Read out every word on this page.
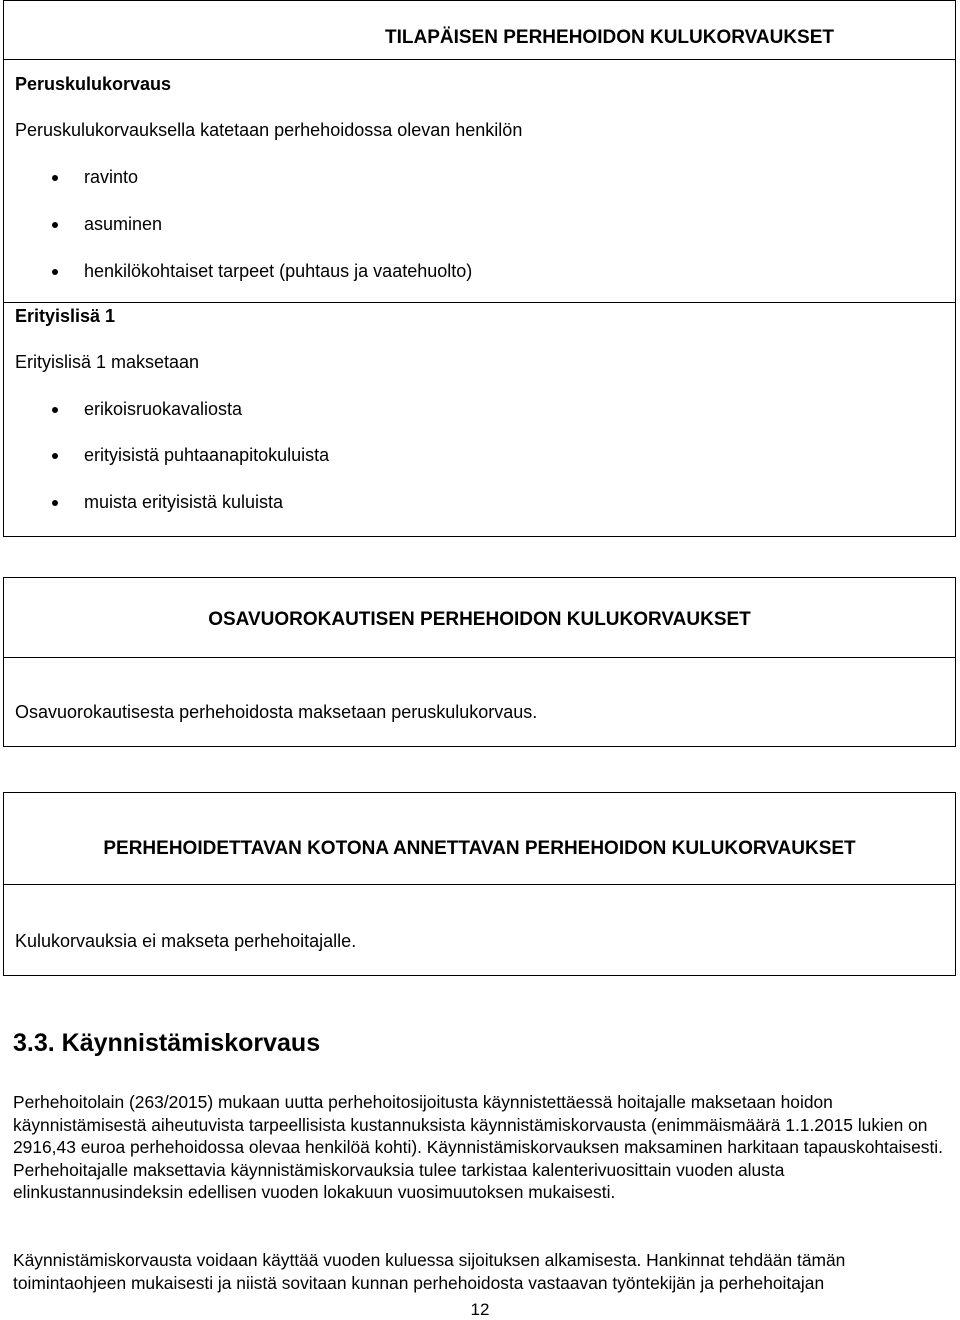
TILAPÄISEN PERHEHOIDON KULUKORVAUKSET
Peruskulukorvaus
Peruskulukorvauksella katetaan perhehoidossa olevan henkilön
ravinto
asuminen
henkilökohtaiset tarpeet (puhtaus ja vaatehuolto)
Erityislisä 1
Erityislisä 1 maksetaan
erikoisruokavaliosta
erityisistä puhtaanapitokuluista
muista erityisistä kuluista
OSAVUOROKAUTISEN PERHEHOIDON KULUKORVAUKSET
Osavuorokautisesta perhehoidosta maksetaan peruskulukorvaus.
PERHEHOIDETTAVAN KOTONA ANNETTAVAN PERHEHOIDON KULUKORVAUKSET
Kulukorvauksia ei makseta perhehoitajalle.
3.3. Käynnistämiskorvaus
Perhehoitolain (263/2015) mukaan uutta perhehoitosijoitusta käynnistettäessä hoitajalle maksetaan hoidon käynnistämisestä aiheutuvista tarpeellisista kustannuksista käynnistämiskorvausta (enimmäismäärä 1.1.2015 lukien on 2916,43 euroa perhehoidossa olevaa henkilöä kohti). Käynnistämiskorvauksen maksaminen harkitaan tapauskohtaisesti. Perhehoitajalle maksettavia käynnistämiskorvauksia tulee tarkistaa kalenterivuosittain vuoden alusta elinkustannusindeksin edellisen vuoden lokakuun vuosimuutoksen mukaisesti.
Käynnistämiskorvausta voidaan käyttää vuoden kuluessa sijoituksen alkamisesta. Hankinnat tehdään tämän toimintaohjeen mukaisesti ja niistä sovitaan kunnan perhehoidosta vastaavan työntekijän ja perhehoitajan
12
